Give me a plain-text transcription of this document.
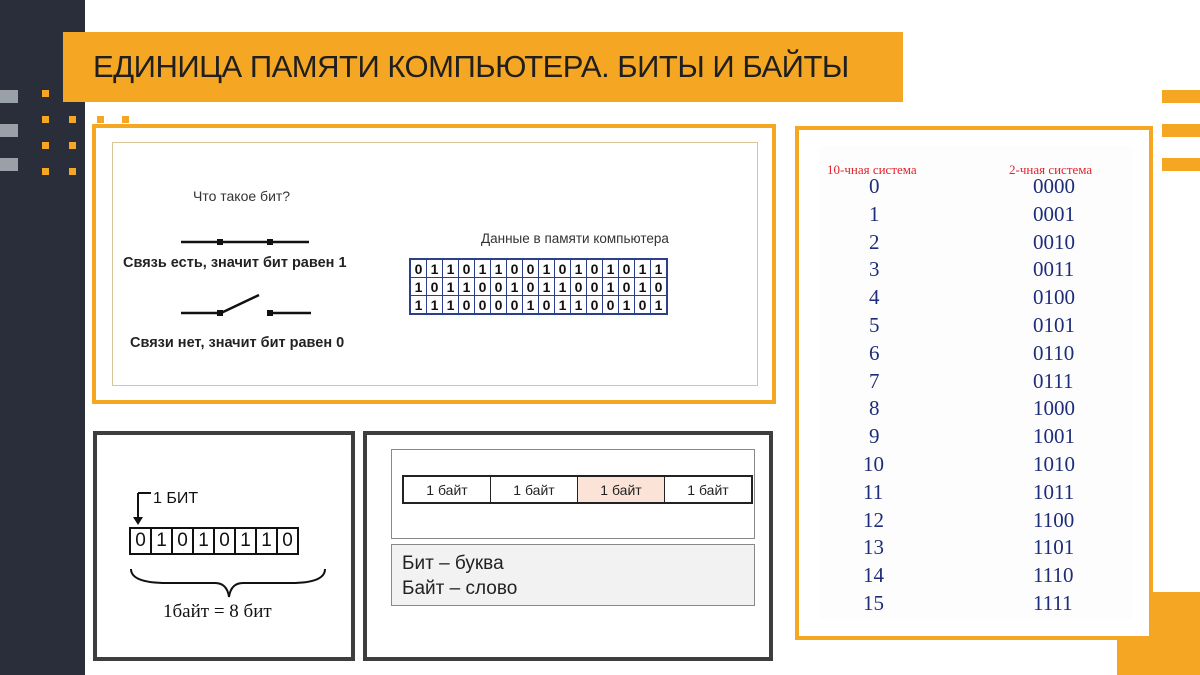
ЕДИНИЦА ПАМЯТИ КОМПЬЮТЕРА. БИТЫ И БАЙТЫ
Что такое бит?
Связь есть, значит бит равен 1
Связи нет, значит бит равен 0
Данные в памяти компьютера
0	1	1	0	1	1	0	0	1	0	1	0	1	0	1	1
1	0	1	1	0	0	1	0	1	1	0	0	1	0	1	0
1	1	1	0	0	0	0	1	0	1	1	0	0	1	0	1
1 БИТ
0	1	0	1	0	1	1	0
1байт = 8 бит
1 байт	1 байт	1 байт	1 байт
Бит – буква
Байт – слово
10-чная система	2-чная система
0	0000
1	0001
2	0010
3	0011
4	0100
5	0101
6	0110
7	0111
8	1000
9	1001
10	1010
11	1011
12	1100
13	1101
14	1110
15	1111
